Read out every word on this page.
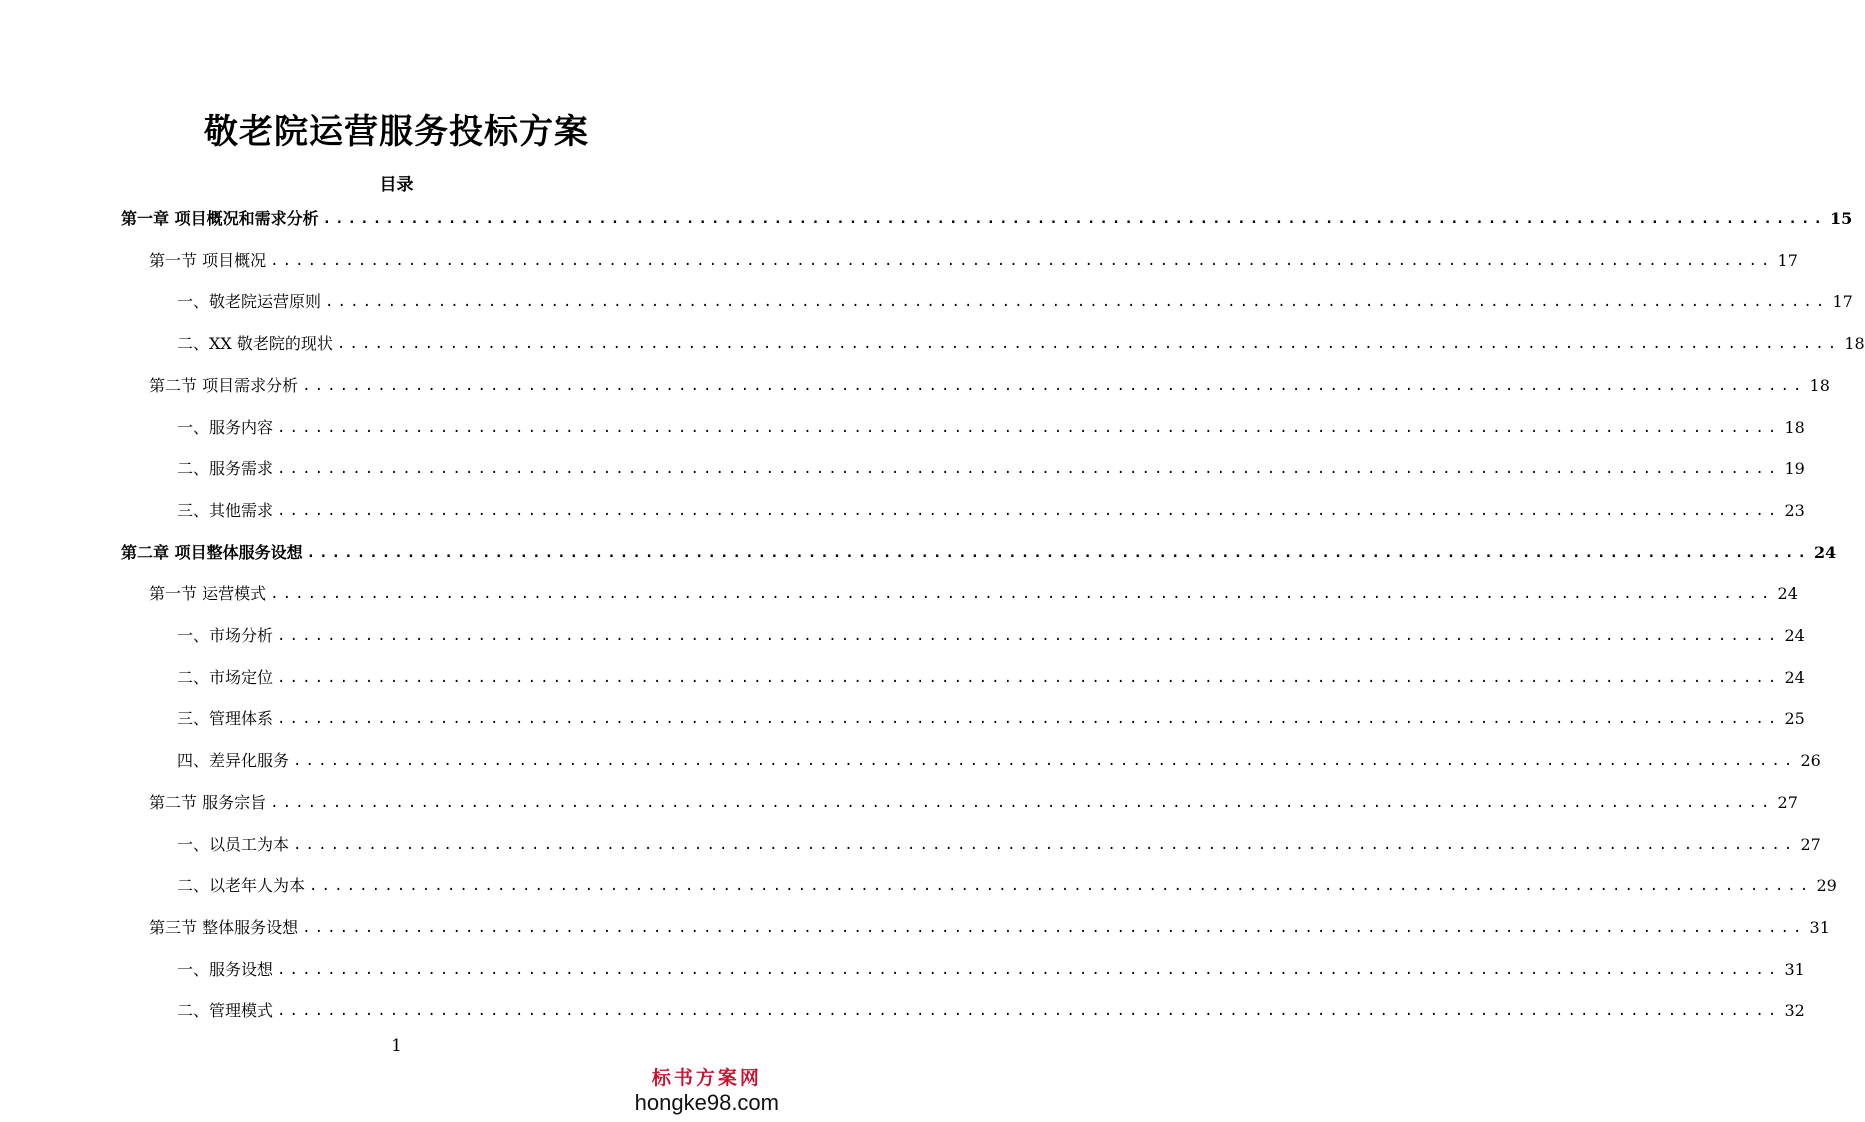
敬老院运营服务投标方案
目录
第一章 项目概况和需求分析 ........................................................................................................................ 15
第一节 项目概况 ........................................................................................................................ 17
一、敬老院运营原则 ........................................................................................................................ 17
二、XX 敬老院的现状 ........................................................................................................................ 18
第二节 项目需求分析 ........................................................................................................................ 18
一、服务内容 ........................................................................................................................ 18
二、服务需求 ........................................................................................................................ 19
三、其他需求 ........................................................................................................................ 23
第二章 项目整体服务设想 ........................................................................................................................ 24
第一节 运营模式 ........................................................................................................................ 24
一、市场分析 ........................................................................................................................ 24
二、市场定位 ........................................................................................................................ 24
三、管理体系 ........................................................................................................................ 25
四、差异化服务 ........................................................................................................................ 26
第二节 服务宗旨 ........................................................................................................................ 27
一、以员工为本 ........................................................................................................................ 27
二、以老年人为本 ........................................................................................................................ 29
第三节 整体服务设想 ........................................................................................................................ 31
一、服务设想 ........................................................................................................................ 31
二、管理模式 ........................................................................................................................ 32
1
标书方案网
hongke98.com
